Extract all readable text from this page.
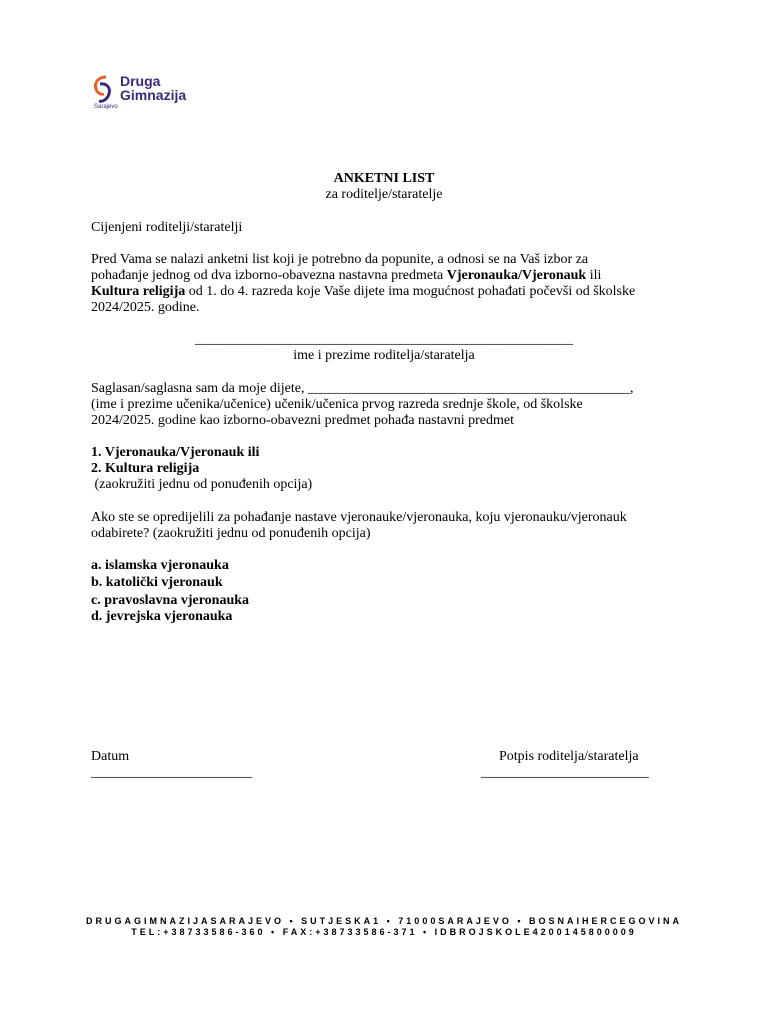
Druga
Gimnazija
Sarajevo
ANKETNI LIST
za roditelje/staratelje
Cijenjeni roditelji/staratelji
Pred Vama se nalazi anketni list koji je potrebno da popunite, a odnosi se na Vaš izbor za
pohađanje jednog od dva izborno-obavezna nastavna predmeta Vjeronauka/Vjeronauk ili
Kultura religija od 1. do 4. razreda koje Vaše dijete ima mogućnost pohađati počevši od školske
2024/2025. godine.
______________________________________________________
ime i prezime roditelja/staratelja
Saglasan/saglasna sam da moje dijete, ______________________________________________,
(ime i prezime učenika/učenice) učenik/učenica prvog razreda srednje škole, od školske
2024/2025. godine kao izborno-obavezni predmet pohađa nastavni predmet
1. Vjeronauka/Vjeronauk ili
2. Kultura religija
(zaokružiti jednu od ponuđenih opcija)
Ako ste se opredijelili za pohađanje nastave vjeronauke/vjeronauka, koju vjeronauku/vjeronauk
odabirete? (zaokružiti jednu od ponuđenih opcija)
a. islamska vjeronauka
b. katolički vjeronauk
c. pravoslavna vjeronauka
d. jevrejska vjeronauka
Datum
_______________________
Potpis roditelja/staratelja
________________________
DRUGAGIMNAZIJASARAJEVO • SUTJESKA1 • 71000SARAJEVO • BOSNAIHERCEGOVINATEL:+38733586-360 • FAX:+38733586-371 • IDBROJSKOLE4200145800009
